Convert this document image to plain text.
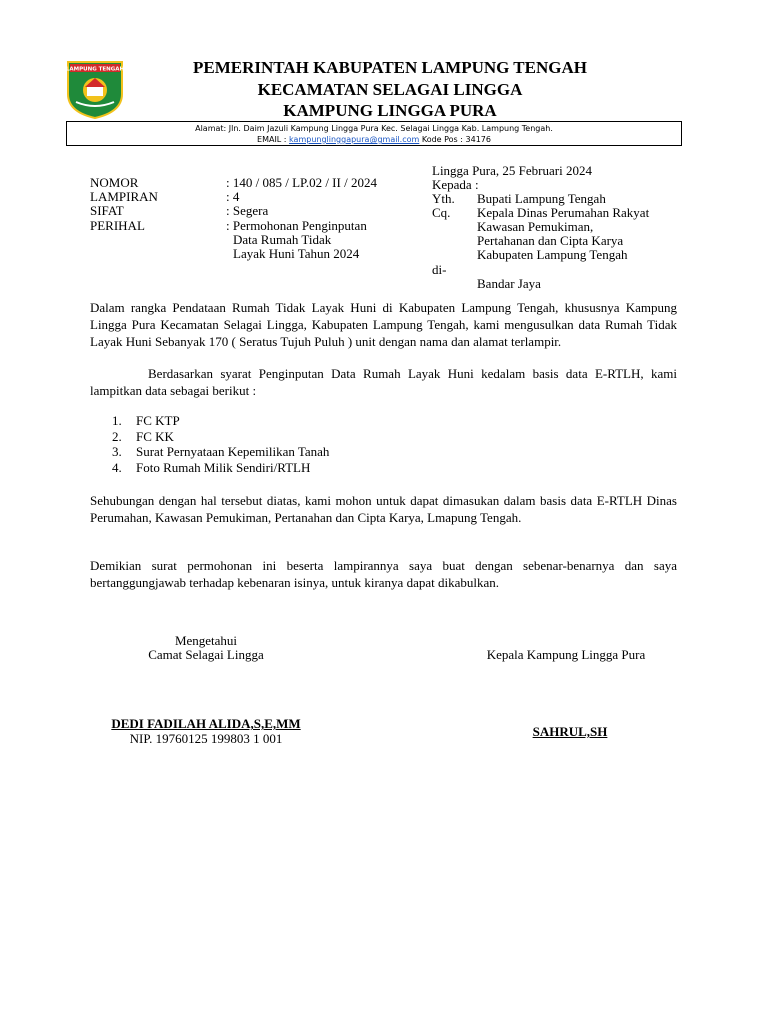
LAMPUNG TENGAH	PEMERINTAH KABUPATEN LAMPUNG TENGAH
KECAMATAN SELAGAI LINGGA
KAMPUNG LINGGA PURA
Alamat: Jln. Daim Jazuli Kampung Lingga Pura Kec. Selagai Lingga Kab. Lampung Tengah.
EMAIL : kampunglinggapura@gmail.com Kode Pos : 34176
NOMOR	: 140 / 085 / LP.02 / II / 2024
LAMPIRAN	: 4
SIFAT	: Segera
PERIHAL	: Permohonan Penginputan
Data Rumah Tidak
Layak Huni Tahun 2024
Lingga Pura, 25 Februari 2024
Kepada :
Yth. Bupati Lampung Tengah
Cq. Kepala Dinas Perumahan Rakyat
Kawasan Pemukiman,
Pertahanan dan Cipta Karya
Kabupaten Lampung Tengah
di-
Bandar Jaya
Dalam rangka Pendataan Rumah Tidak Layak Huni di Kabupaten Lampung Tengah, khususnya Kampung Lingga Pura Kecamatan Selagai Lingga, Kabupaten Lampung Tengah, kami mengusulkan data Rumah Tidak Layak Huni Sebanyak 170 ( Seratus Tujuh Puluh ) unit dengan nama dan alamat terlampir.
Berdasarkan syarat Penginputan Data Rumah Layak Huni kedalam basis data E-RTLH, kami lampitkan data sebagai berikut :
1. FC KTP
2. FC KK
3. Surat Pernyataan Kepemilikan Tanah
4. Foto Rumah Milik Sendiri/RTLH
Sehubungan dengan hal tersebut diatas, kami mohon untuk dapat dimasukan dalam basis data E-RTLH Dinas Perumahan, Kawasan Pemukiman, Pertanahan dan Cipta Karya, Lmapung Tengah.
Demikian surat permohonan ini beserta lampirannya saya buat dengan sebenar-benarnya dan saya bertanggungjawab terhadap kebenaran isinya, untuk kiranya dapat dikabulkan.
Mengetahui
Camat Selagai Lingga	Kepala Kampung Lingga Pura
DEDI FADILAH ALIDA,S,E,MM
NIP. 19760125 199803 1 001	SAHRUL,SH
